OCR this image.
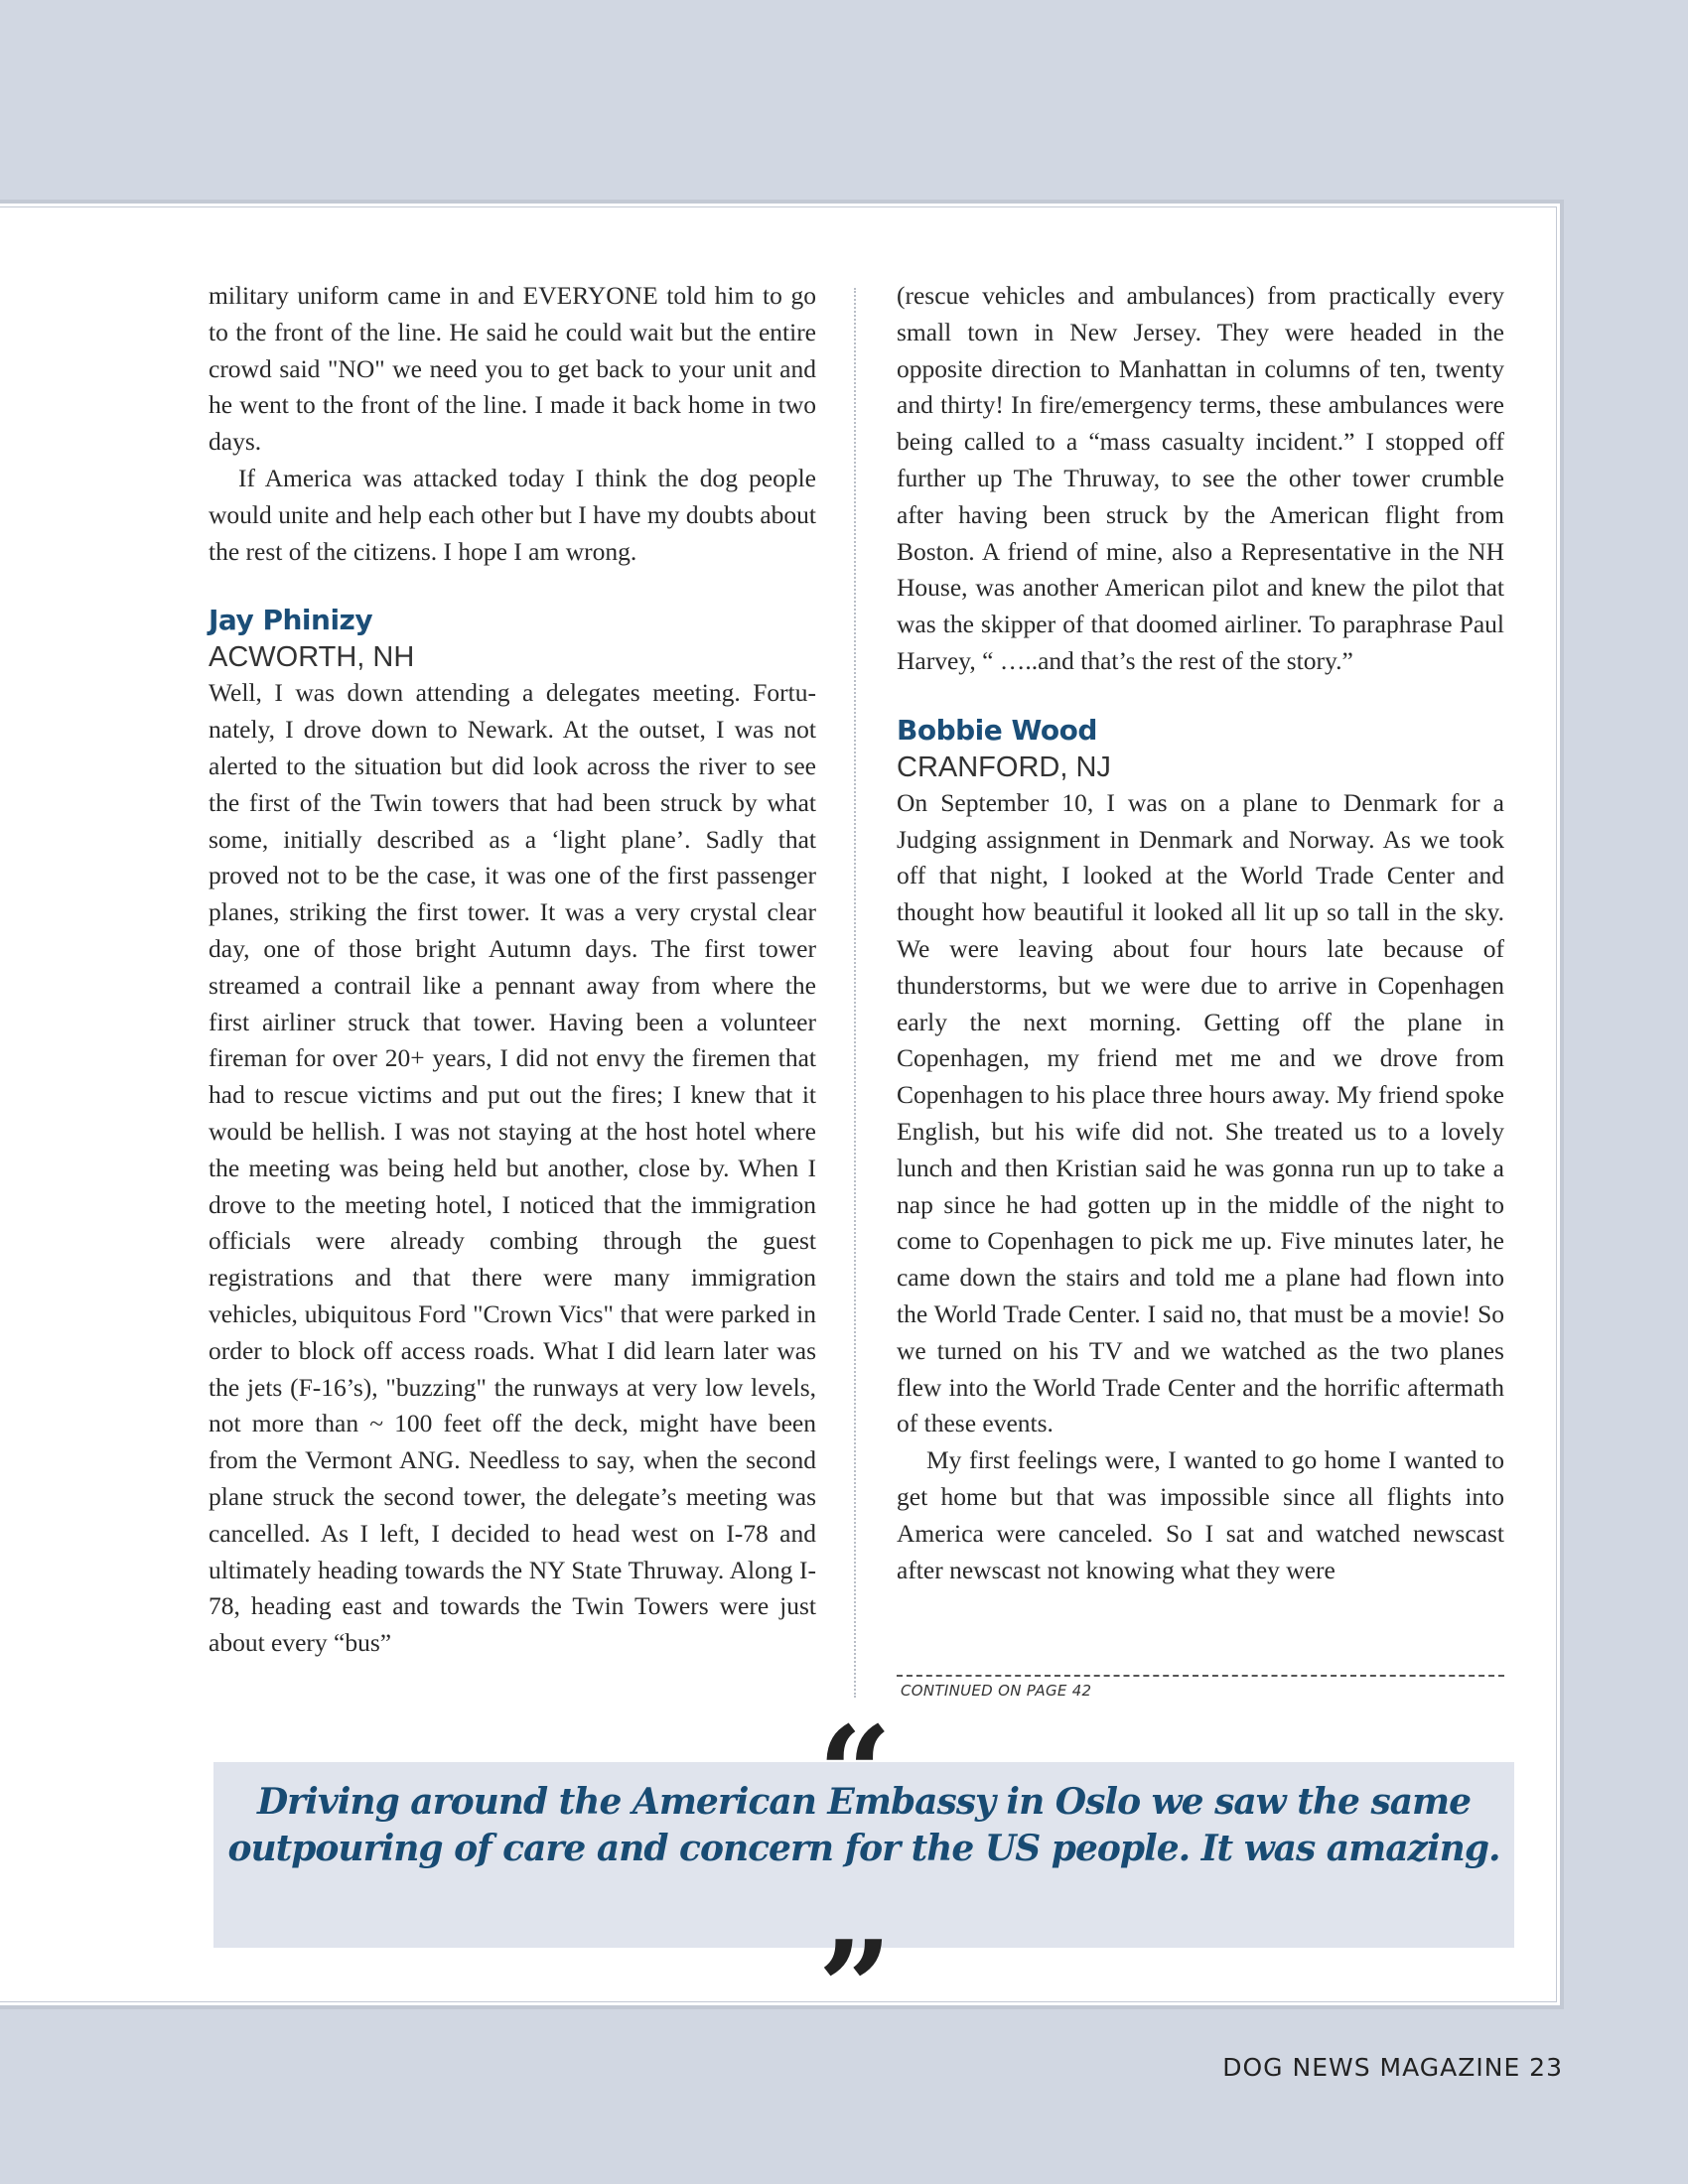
military uniform came in and EVERYONE told him to go to the front of the line. He said he could wait but the entire crowd said "NO" we need you to get back to your unit and he went to the front of the line. I made it back home in two days.

If America was attacked today I think the dog people would unite and help each other but I have my doubts about the rest of the citizens. I hope I am wrong.

Jay Phinizy
ACWORTH, NH

Well, I was down attending a delegates meeting. Fortunately, I drove down to Newark. At the outset, I was not alerted to the situation but did look across the river to see the first of the Twin towers that had been struck by what some, initially described as a ‘light plane’. Sadly that proved not to be the case, it was one of the first passenger planes, striking the first tower. It was a very crystal clear day, one of those bright Autumn days. The first tower streamed a contrail like a pennant away from where the first airliner struck that tower. Having been a volunteer fireman for over 20+ years, I did not envy the firemen that had to rescue victims and put out the fires; I knew that it would be hellish. I was not staying at the host hotel where the meeting was being held but another, close by. When I drove to the meeting hotel, I noticed that the immigration officials were already combing through the guest registrations and that there were many immigration vehicles, ubiquitous Ford "Crown Vics" that were parked in order to block off access roads. What I did learn later was the jets (F-16’s), "buzzing" the runways at very low levels, not more than ~ 100 feet off the deck, might have been from the Vermont ANG. Needless to say, when the second plane struck the second tower, the delegate’s meeting was cancelled. As I left, I decided to head west on I-78 and ultimately heading towards the NY State Thruway. Along I-78, heading east and towards the Twin Towers were just about every “bus”

(rescue vehicles and ambulances) from practically every small town in New Jersey. They were headed in the opposite direction to Manhattan in columns of ten, twenty and thirty! In fire/emergency terms, these ambulances were being called to a “mass casualty incident.” I stopped off further up The Thruway, to see the other tower crumble after having been struck by the American flight from Boston. A friend of mine, also a Representative in the NH House, was another American pilot and knew the pilot that was the skipper of that doomed airliner. To paraphrase Paul Harvey, “ …..and that’s the rest of the story.”

Bobbie Wood
CRANFORD, NJ

On September 10, I was on a plane to Denmark for a Judging assignment in Denmark and Norway. As we took off that night, I looked at the World Trade Center and thought how beautiful it looked all lit up so tall in the sky. We were leaving about four hours late because of thunderstorms, but we were due to arrive in Copenhagen early the next morning. Getting off the plane in Copenhagen, my friend met me and we drove from Copenhagen to his place three hours away. My friend spoke English, but his wife did not. She treated us to a lovely lunch and then Kristian said he was gonna run up to take a nap since he had gotten up in the middle of the night to come to Copenhagen to pick me up. Five minutes later, he came down the stairs and told me a plane had flown into the World Trade Center. I said no, that must be a movie! So we turned on his TV and we watched as the two planes flew into the World Trade Center and the horrific aftermath of these events.

My first feelings were, I wanted to go home I wanted to get home but that was impossible since all flights into America were canceled. So I sat and watched newscast after newscast not knowing what they were

CONTINUED ON PAGE 42
“
Driving around the American Embassy in Oslo we saw the same outpouring of care and concern for the US people. It was amazing.
”
DOG NEWS MAGAZINE 23
